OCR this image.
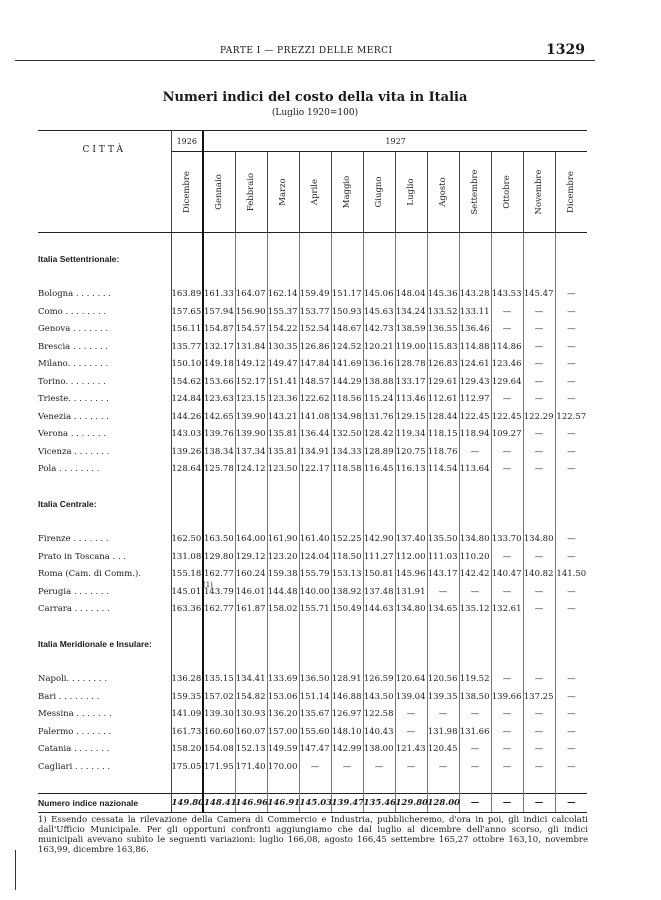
PARTE I — PREZZI DELLE MERCI	1329
Numeri indici del costo della vita in Italia
(Luglio 1920=100)
CITTÀ	1926	1927											

	Dicembre	Gennaio	Febbraio	Marzo	Aprile	Maggio	Giugno	Luglio	Agosto	Settembre	Ottobre	Novembre	Dicembre

Italia Settentrionale:													

Bologna . . . . . . .	163.89	161.33	164.07	162.14	159.49	151.17	145.06	148.04	145.36	143.28	143.53	145.47	—
Como . . . . . . . .	157.65	157.94	156.90	155.37	153.77	150.93	145.63	134.24	133.52	133.11	—	—	—
Genova . . . . . . .	156.11	154.87	154.57	154.22	152.54	148.67	142.73	138.59	136.55	136.46	—	—	—
Brescia . . . . . . .	135.77	132.17	131.84	130.35	126.86	124.52	120.21	119.00	115.83	114.88	114.86	—	—
Milano. . . . . . . .	150.10	149.18	149.12	149.47	147.84	141.69	136.16	128.78	126.83	124.61	123.46	—	—
Torino. . . . . . . .	154.62	153.66	152.17	151.41	148.57	144.29	138.88	133.17	129.61	129.43	129.64	—	—
Trieste. . . . . . . .	124.84	123.63	123.15	123.36	122.62	118.56	115.24	113.46	112.61	112.97	—	—	—
Venezia . . . . . . .	144.26	142.65	139.90	143.21	141.08	134.98	131.76	129.15	128.44	122.45	122.45	122.29	122.57
Verona . . . . . . .	143.03	139.76	139.90	135.81	136.44	132.50	128.42	119.34	118.15	118.94	109.27	—	—
Vicenza . . . . . . .	139.26	138.34	137.34	135.81	134.91	134.33	128.89	120.75	118.76	—	—	—	—
Pola . . . . . . . .	128.64	125.78	124.12	123.50	122.17	118.58	116.45	116.13	114.54	113.64	—	—	—

Italia Centrale:													

Firenze . . . . . . .	162.50	163.50	164.00	161.90	161.40	152.25	142.90	137.40	135.50	134.80	133.70	134.80	—
Prato in Toscana . . .	131.08	129.80	129.12	123.20	124.04	118.50	111.27	112.00	111.03	110.20	—	—	—
Roma (Cam. di Comm.).	155.18	162.77	160.24	159.38	155.79	153.13	150.81	145.96	143.17	142.42	140.47	140.82	141.50
Perugia . . . . . . .	145.01	143.79	146.01	144.48	140.00	138.92	137.48	131.91	—	—	—	—	—
Carrara . . . . . . .	163.36	162.77	161.87	158.02	155.71	150.49	144.63	134.80	134.65	135.12	132.61	—	—

Italia Meridionale e Insulare:													

Napoli. . . . . . . .	136.28	135.15	134.41	133.69	136.50	128.91	126.59	120.64	120.56	119.52	—	—	—
Bari . . . . . . . .	159.35	157.02	154.82	153.06	151.14	146.88	143.50	139.04	139.35	138.50	139.66	137.25	—
Messina . . . . . . .	141.09	139.30	130.93	136.20	135.67	126.97	122.58	—	—	—	—	—	—
Palermo . . . . . . .	161.73	160.60	160.07	157.00	155.60	148.10	140.43	—	131.98	131.66	—	—	—
Catania . . . . . . .	158.20	154.08	152.13	149.59	147.47	142.99	138.00	121.43	120.45	—	—	—	—
Cagliari . . . . . . .	175.05	171.95	171.40	170.00	—	—	—	—	—	—	—	—	—

Numero indice nazionale	149.80	148.41	146.96	146.91	145.03	139.47	135.46	129.80	128.00	—	—	—	—
(1)
1) Essendo cessata la rilevazione della Camera di Commercio e Industria, pubblicheremo, d'ora in poi, gli indici calcolati dall'Ufficio Municipale. Per gli opportuni confronti aggiungiamo che dal luglio al dicembre dell'anno scorso, gli indici municipali avevano subìto le seguenti variazioni: luglio 166,08, agosto 166,45 settembre 165,27 ottobre 163,10, novembre 163,99, dicembre 163,86.
